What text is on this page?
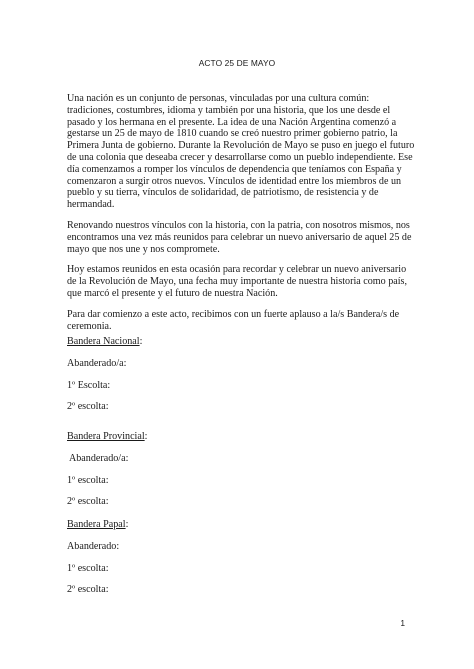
ACTO 25 DE MAYO

Una nación es un conjunto de personas, vinculadas por una cultura común: tradiciones, costumbres, idioma y también por una historia, que los une desde el pasado y los hermana en el presente. La idea de una Nación Argentina comenzó a gestarse un 25 de mayo de 1810 cuando se creó nuestro primer gobierno patrio, la Primera Junta de gobierno. Durante la Revolución de Mayo se puso en juego el futuro de una colonia que deseaba crecer y desarrollarse como un pueblo independiente. Ese día comenzamos a romper los vínculos de dependencia que teníamos con España y comenzaron a surgir otros nuevos. Vínculos de identidad entre los miembros de un pueblo y su tierra, vínculos de solidaridad, de patriotismo, de resistencia y de hermandad.

Renovando nuestros vínculos con la historia, con la patria, con nosotros mismos, nos encontramos una vez más reunidos para celebrar un nuevo aniversario de aquel 25 de mayo que nos une y nos compromete.

Hoy estamos reunidos en esta ocasión para recordar y celebrar un nuevo aniversario de la Revolución de Mayo, una fecha muy importante de nuestra historia como país, que marcó el presente y el futuro de nuestra Nación.

Para dar comienzo a este acto, recibimos con un fuerte aplauso a la/s Bandera/s de ceremonia.

Bandera Nacional:

Abanderado/a:

1º Escolta:

2º escolta:

Bandera Provincial:

Abanderado/a:

1º escolta:

2º escolta:

Bandera Papal:

Abanderado:

1º escolta:

2º escolta:

1
